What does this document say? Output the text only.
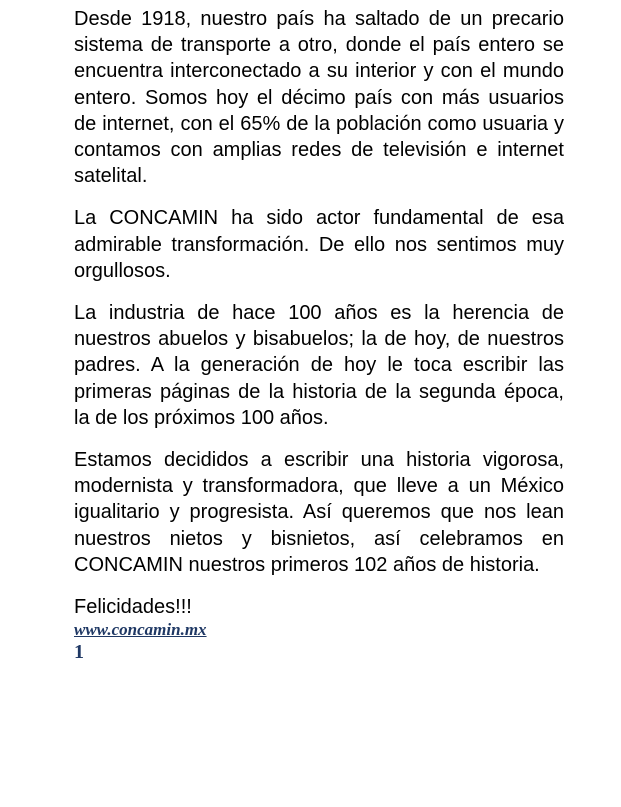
Desde 1918, nuestro país ha saltado de un precario sistema de transporte a otro, donde el país entero se encuentra interconectado a su interior y con el mundo entero. Somos hoy el décimo país con más usuarios de internet, con el 65% de la población como usuaria y contamos con amplias redes de televisión e internet satelital.

La CONCAMIN ha sido actor fundamental de esa admirable transformación. De ello nos sentimos muy orgullosos.

La industria de hace 100 años es la herencia de nuestros abuelos y bisabuelos; la de hoy, de nuestros padres. A la generación de hoy le toca escribir las primeras páginas de la historia de la segunda época, la de los próximos 100 años.

Estamos decididos a escribir una historia vigorosa, modernista y transformadora, que lleve a un México igualitario y progresista. Así queremos que nos lean nuestros nietos y bisnietos, así celebramos en CONCAMIN nuestros primeros 102 años de historia.

Felicidades!!!

www.concamin.mx
1
